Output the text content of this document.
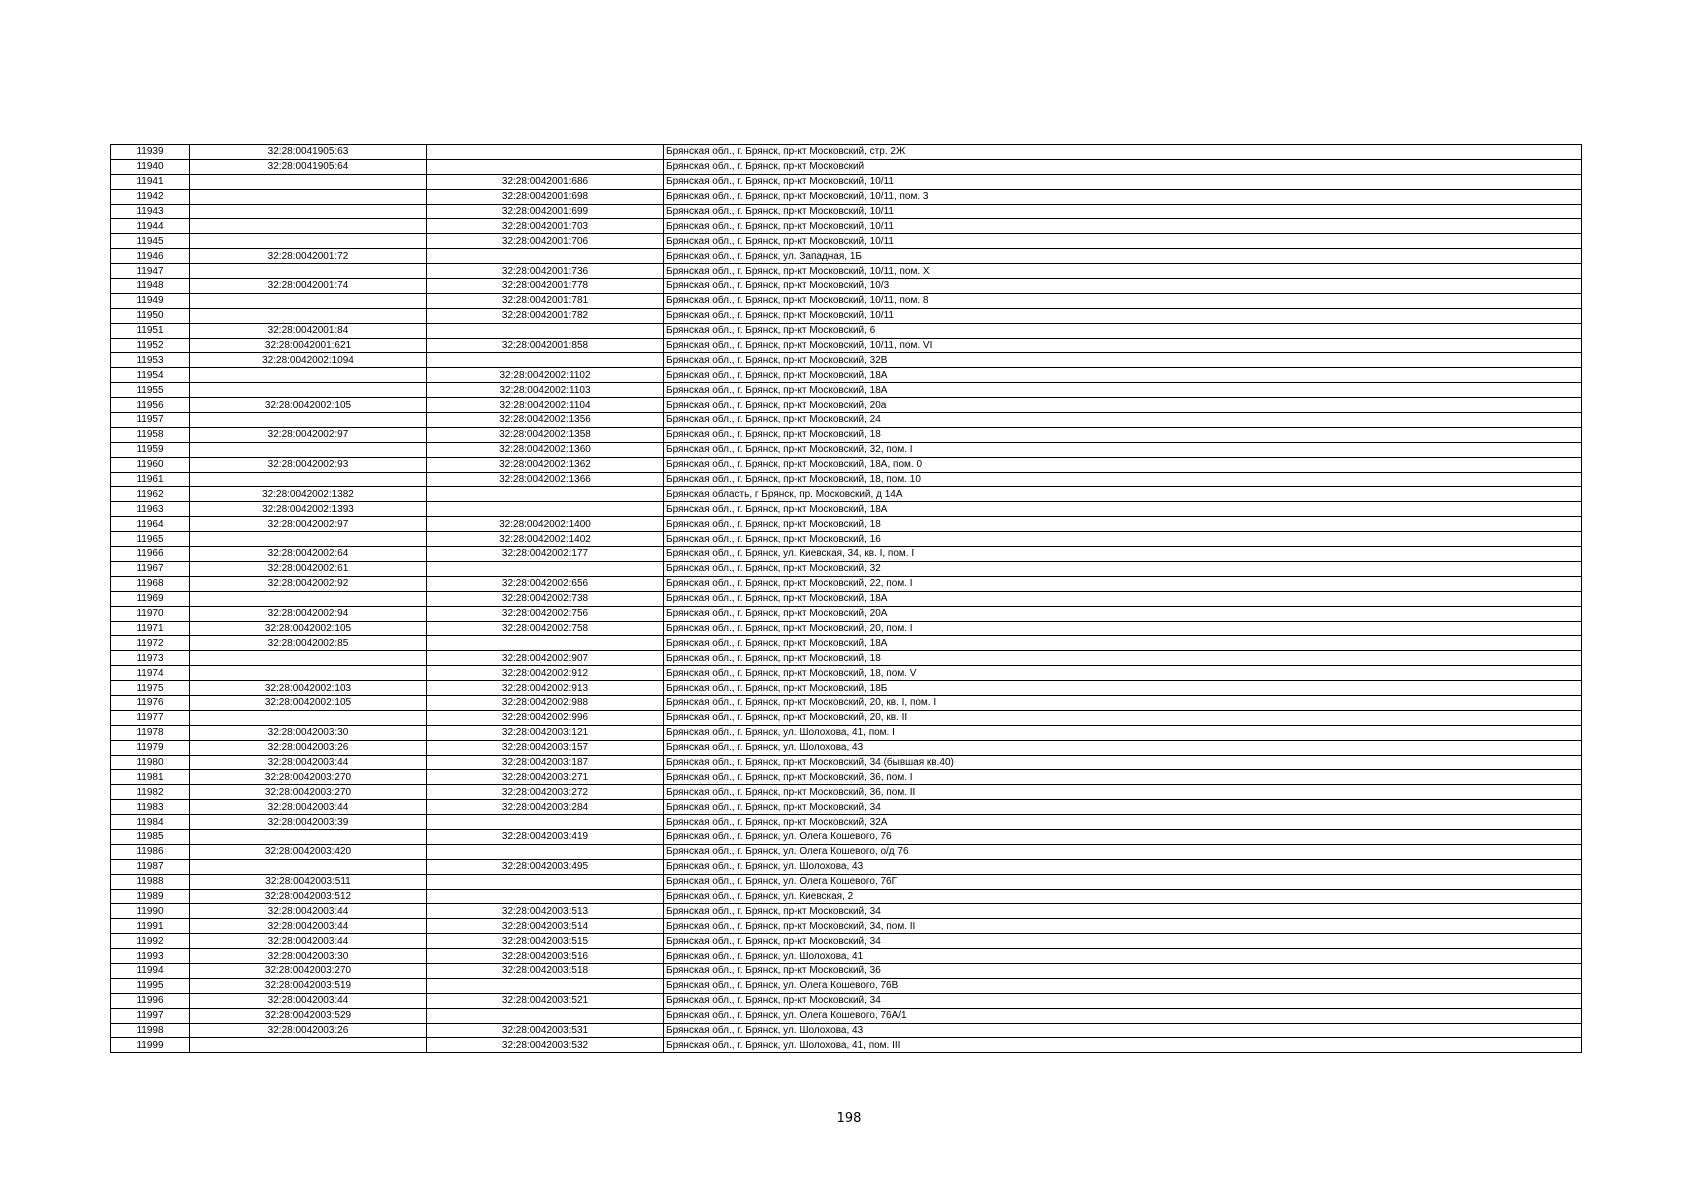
11939	32:28:0041905:63		Брянская обл., г. Брянск, пр-кт Московский, стр. 2Ж
11940	32:28:0041905:64		Брянская обл., г. Брянск, пр-кт Московский
11941		32:28:0042001:686	Брянская обл., г. Брянск, пр-кт Московский, 10/11
11942		32:28:0042001:698	Брянская обл., г. Брянск, пр-кт Московский, 10/11, пом. 3
11943		32:28:0042001:699	Брянская обл., г. Брянск, пр-кт Московский, 10/11
11944		32:28:0042001:703	Брянская обл., г. Брянск, пр-кт Московский, 10/11
11945		32:28:0042001:706	Брянская обл., г. Брянск, пр-кт Московский, 10/11
11946	32:28:0042001:72		Брянская обл., г. Брянск, ул. Западная, 1Б
11947		32:28:0042001:736	Брянская обл., г. Брянск, пр-кт Московский, 10/11, пом. X
11948	32:28:0042001:74	32:28:0042001:778	Брянская обл., г. Брянск, пр-кт Московский, 10/3
11949		32:28:0042001:781	Брянская обл., г. Брянск, пр-кт Московский, 10/11, пом. 8
11950		32:28:0042001:782	Брянская обл., г. Брянск, пр-кт Московский, 10/11
11951	32:28:0042001:84		Брянская обл., г. Брянск, пр-кт Московский, 6
11952	32:28:0042001:621	32:28:0042001:858	Брянская обл., г. Брянск, пр-кт Московский, 10/11, пом. VI
11953	32:28:0042002:1094		Брянская обл., г. Брянск, пр-кт Московский, 32В
11954		32:28:0042002:1102	Брянская обл., г. Брянск, пр-кт Московский, 18А
11955		32:28:0042002:1103	Брянская обл., г. Брянск, пр-кт Московский, 18А
11956	32:28:0042002:105	32:28:0042002:1104	Брянская обл., г. Брянск, пр-кт Московский, 20а
11957		32:28:0042002:1356	Брянская обл., г. Брянск, пр-кт Московский, 24
11958	32:28:0042002:97	32:28:0042002:1358	Брянская обл., г. Брянск, пр-кт Московский, 18
11959		32:28:0042002:1360	Брянская обл., г. Брянск, пр-кт Московский, 32, пом. I
11960	32:28:0042002:93	32:28:0042002:1362	Брянская обл., г. Брянск, пр-кт Московский, 18А, пом. 0
11961		32:28:0042002:1366	Брянская обл., г. Брянск, пр-кт Московский, 18, пом. 10
11962	32:28:0042002:1382		Брянская область, г Брянск, пр. Московский, д 14А
11963	32:28:0042002:1393		Брянская обл., г. Брянск, пр-кт Московский, 18А
11964	32:28:0042002:97	32:28:0042002:1400	Брянская обл., г. Брянск, пр-кт Московский, 18
11965		32:28:0042002:1402	Брянская обл., г. Брянск, пр-кт Московский, 16
11966	32:28:0042002:64	32:28:0042002:177	Брянская обл., г. Брянск, ул. Киевская, 34, кв. I, пом. I
11967	32:28:0042002:61		Брянская обл., г. Брянск, пр-кт Московский, 32
11968	32:28:0042002:92	32:28:0042002:656	Брянская обл., г. Брянск, пр-кт Московский, 22, пом. I
11969		32:28:0042002:738	Брянская обл., г. Брянск, пр-кт Московский, 18А
11970	32:28:0042002:94	32:28:0042002:756	Брянская обл., г. Брянск, пр-кт Московский, 20А
11971	32:28:0042002:105	32:28:0042002:758	Брянская обл., г. Брянск, пр-кт Московский, 20, пом. I
11972	32:28:0042002:85		Брянская обл., г. Брянск, пр-кт Московский, 18А
11973		32:28:0042002:907	Брянская обл., г. Брянск, пр-кт Московский, 18
11974		32:28:0042002:912	Брянская обл., г. Брянск, пр-кт Московский, 18, пом. V
11975	32:28:0042002:103	32:28:0042002:913	Брянская обл., г. Брянск, пр-кт Московский, 18Б
11976	32:28:0042002:105	32:28:0042002:988	Брянская обл., г. Брянск, пр-кт Московский, 20, кв. I, пом. I
11977		32:28:0042002:996	Брянская обл., г. Брянск, пр-кт Московский, 20, кв. II
11978	32:28:0042003:30	32:28:0042003:121	Брянская обл., г. Брянск, ул. Шолохова, 41, пом. I
11979	32:28:0042003:26	32:28:0042003:157	Брянская обл., г. Брянск, ул. Шолохова, 43
11980	32:28:0042003:44	32:28:0042003:187	Брянская обл., г. Брянск, пр-кт Московский, 34 (бывшая кв.40)
11981	32:28:0042003:270	32:28:0042003:271	Брянская обл., г. Брянск, пр-кт Московский, 36, пом. I
11982	32:28:0042003:270	32:28:0042003:272	Брянская обл., г. Брянск, пр-кт Московский, 36, пом. II
11983	32:28:0042003:44	32:28:0042003:284	Брянская обл., г. Брянск, пр-кт Московский, 34
11984	32:28:0042003:39		Брянская обл., г. Брянск, пр-кт Московский, 32А
11985		32:28:0042003:419	Брянская обл., г. Брянск, ул. Олега Кошевого, 76
11986	32:28:0042003:420		Брянская обл., г. Брянск, ул. Олега Кошевого, о/д 76
11987		32:28:0042003:495	Брянская обл., г. Брянск, ул. Шолохова, 43
11988	32:28:0042003:511		Брянская обл., г. Брянск, ул. Олега Кошевого, 76Г
11989	32:28:0042003:512		Брянская обл., г. Брянск, ул. Киевская, 2
11990	32:28:0042003:44	32:28:0042003:513	Брянская обл., г. Брянск, пр-кт Московский, 34
11991	32:28:0042003:44	32:28:0042003:514	Брянская обл., г. Брянск, пр-кт Московский, 34, пом. II
11992	32:28:0042003:44	32:28:0042003:515	Брянская обл., г. Брянск, пр-кт Московский, 34
11993	32:28:0042003:30	32:28:0042003:516	Брянская обл., г. Брянск, ул. Шолохова, 41
11994	32:28:0042003:270	32:28:0042003:518	Брянская обл., г. Брянск, пр-кт Московский, 36
11995	32:28:0042003:519		Брянская обл., г. Брянск, ул. Олега Кошевого, 76В
11996	32:28:0042003:44	32:28:0042003:521	Брянская обл., г. Брянск, пр-кт Московский, 34
11997	32:28:0042003:529		Брянская обл., г. Брянск, ул. Олега Кошевого, 76А/1
11998	32:28:0042003:26	32:28:0042003:531	Брянская обл., г. Брянск, ул. Шолохова, 43
11999		32:28:0042003:532	Брянская обл., г. Брянск, ул. Шолохова, 41, пом. III
198
